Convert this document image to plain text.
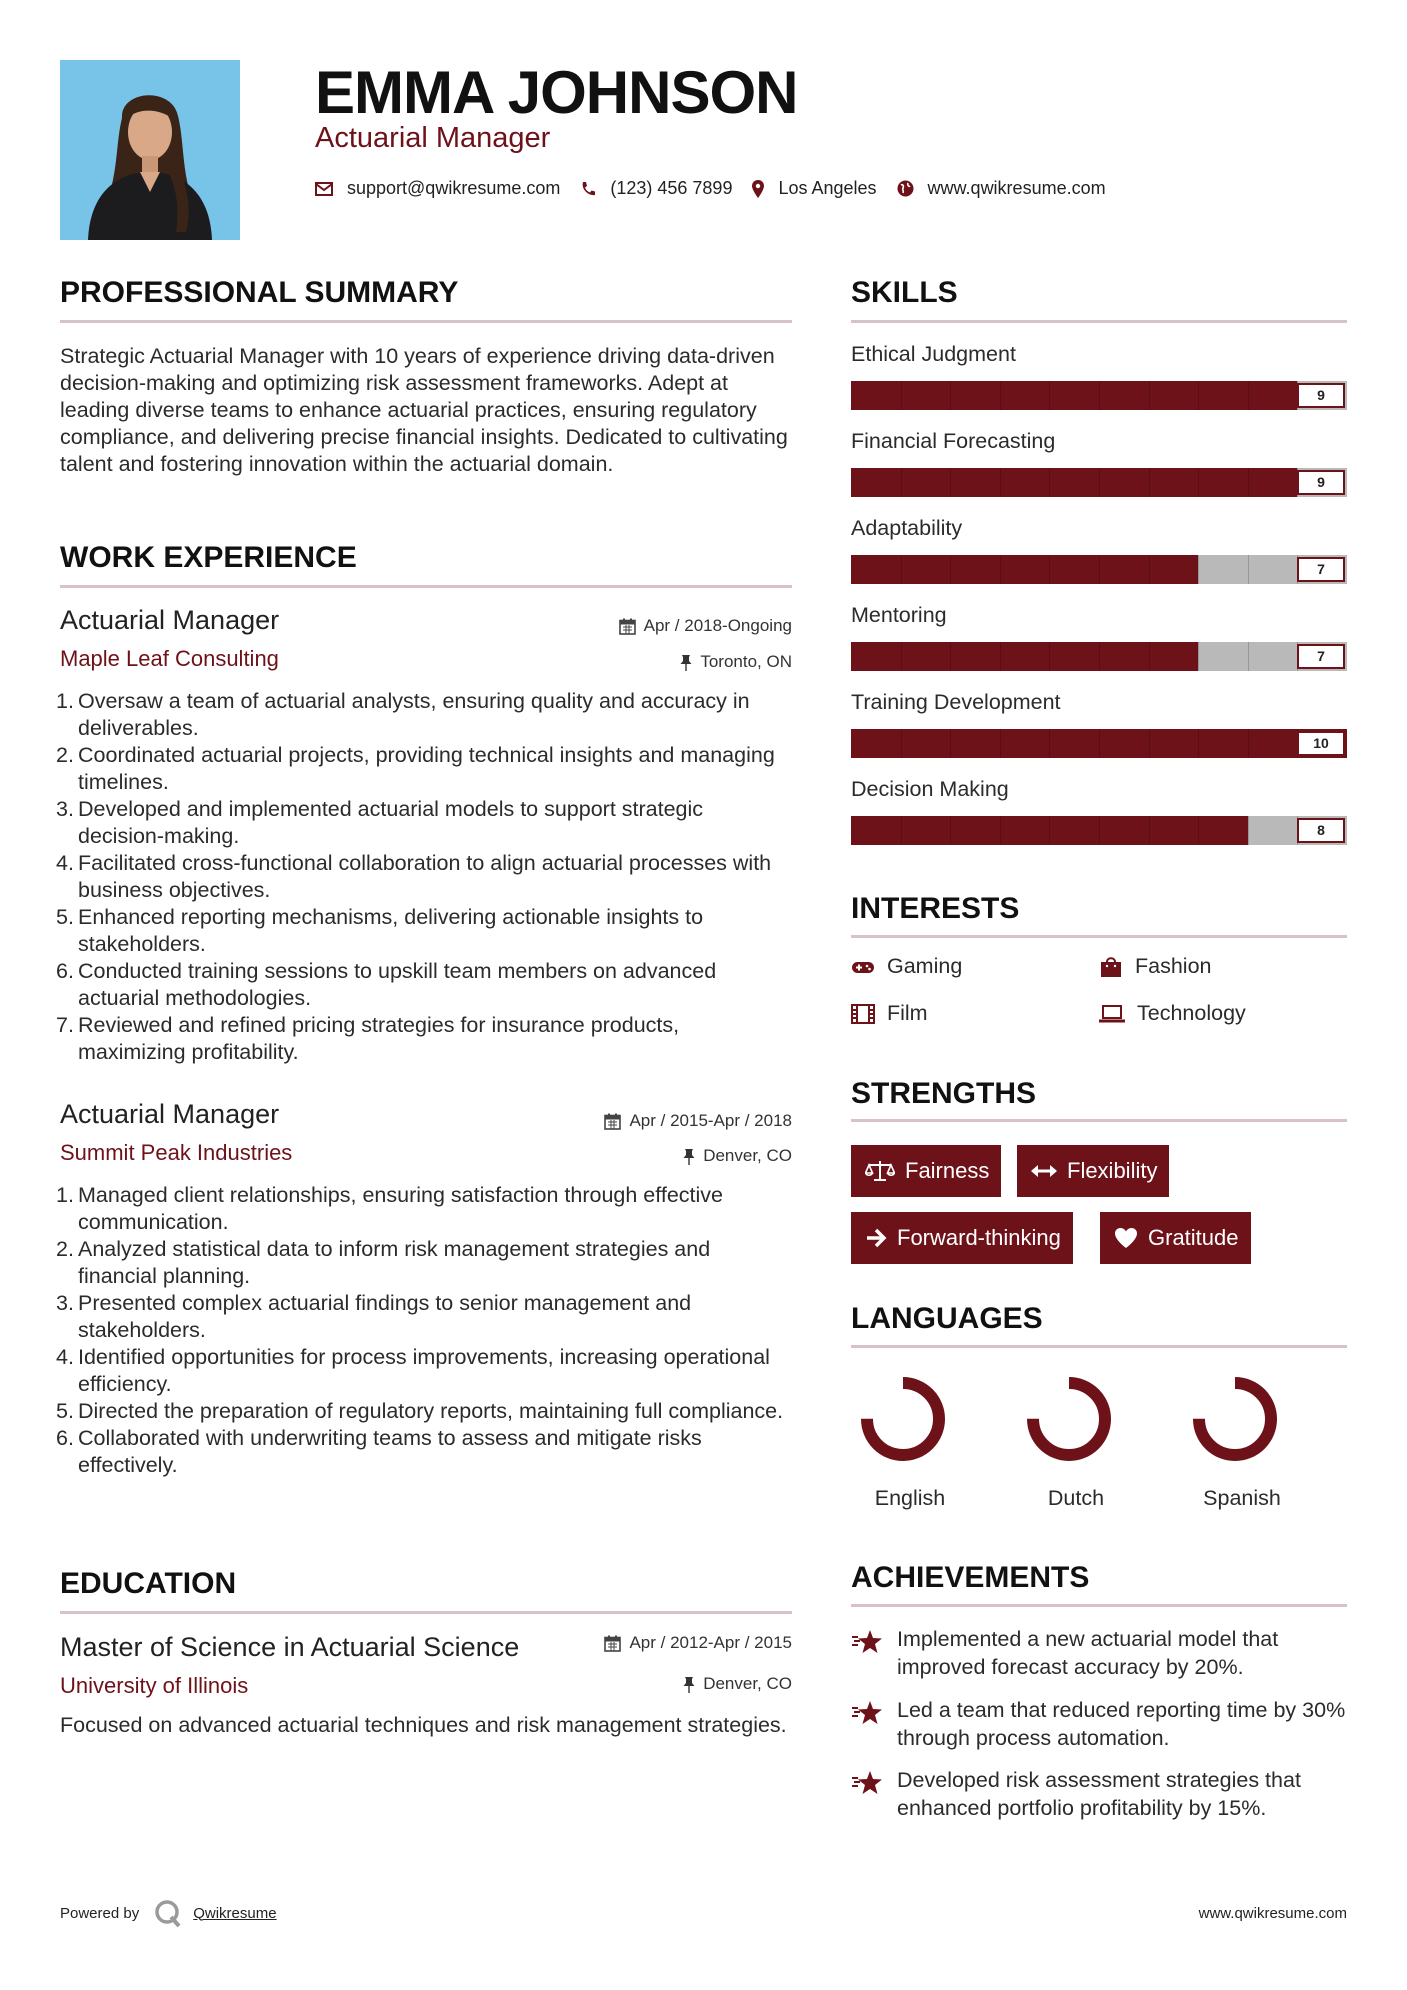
EMMA JOHNSON
Actuarial Manager
support@qwikresume.com	(123) 456 7899	Los Angeles	www.qwikresume.com
PROFESSIONAL SUMMARY
Strategic Actuarial Manager with 10 years of experience driving data-driven decision-making and optimizing risk assessment frameworks. Adept at leading diverse teams to enhance actuarial practices, ensuring regulatory compliance, and delivering precise financial insights. Dedicated to cultivating talent and fostering innovation within the actuarial domain.
WORK EXPERIENCE
Actuarial Manager	Apr / 2018-Ongoing
Maple Leaf Consulting	Toronto, ON
1. Oversaw a team of actuarial analysts, ensuring quality and accuracy in deliverables.
2. Coordinated actuarial projects, providing technical insights and managing timelines.
3. Developed and implemented actuarial models to support strategic decision-making.
4. Facilitated cross-functional collaboration to align actuarial processes with business objectives.
5. Enhanced reporting mechanisms, delivering actionable insights to stakeholders.
6. Conducted training sessions to upskill team members on advanced actuarial methodologies.
7. Reviewed and refined pricing strategies for insurance products, maximizing profitability.
Actuarial Manager	Apr / 2015-Apr / 2018
Summit Peak Industries	Denver, CO
1. Managed client relationships, ensuring satisfaction through effective communication.
2. Analyzed statistical data to inform risk management strategies and financial planning.
3. Presented complex actuarial findings to senior management and stakeholders.
4. Identified opportunities for process improvements, increasing operational efficiency.
5. Directed the preparation of regulatory reports, maintaining full compliance.
6. Collaborated with underwriting teams to assess and mitigate risks effectively.
EDUCATION
Master of Science in Actuarial Science	Apr / 2012-Apr / 2015
University of Illinois	Denver, CO
Focused on advanced actuarial techniques and risk management strategies.
SKILLS
Ethical Judgment
9
Financial Forecasting
9
Adaptability
7
Mentoring
7
Training Development
10
Decision Making
8
INTERESTS
Gaming	Fashion
Film	Technology
STRENGTHS
Fairness	Flexibility
Forward-thinking	Gratitude
LANGUAGES
English	Dutch	Spanish
ACHIEVEMENTS
Implemented a new actuarial model that improved forecast accuracy by 20%.
Led a team that reduced reporting time by 30% through process automation.
Developed risk assessment strategies that enhanced portfolio profitability by 15%.
Powered by	Qwikresume	www.qwikresume.com
